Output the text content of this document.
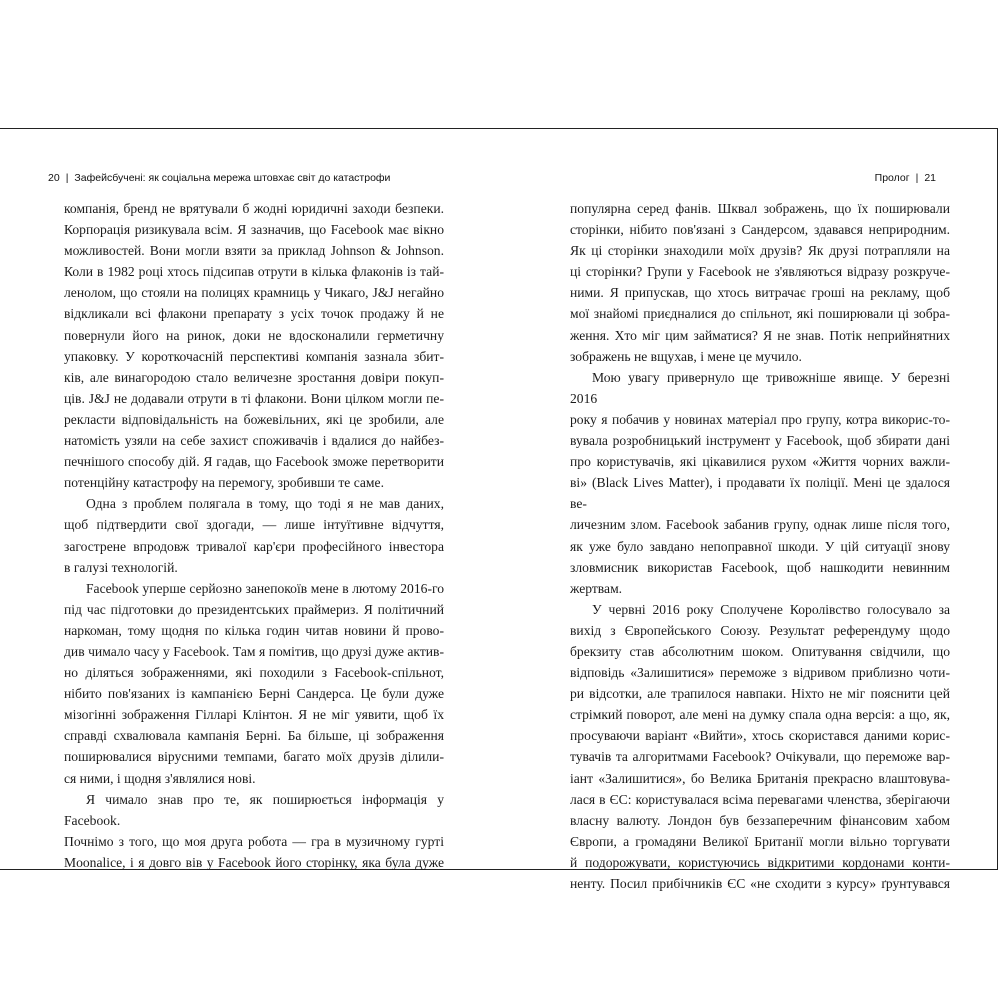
20 | Зафейсбучені: як соціальна мережа штовхає світ до катастрофи	Пролог | 21

компанія, бренд не врятували б жодні юридичні заходи безпеки.

Корпорація ризикувала всім. Я зазначив, що Facebook має вікно

можливостей. Вони могли взяти за приклад Johnson & Johnson.

Коли в 1982 році хтось підсипав отрути в кілька флаконів із тай-

ленолом, що стояли на полицях крамниць у Чикаго, J&J негайно

відкликали всі флакони препарату з усіх точок продажу й не

повернули його на ринок, доки не вдосконалили герметичну

упаковку. У короткочасній перспективі компанія зазнала збит-

ків, але винагородою стало величезне зростання довіри покуп-

ців. J&J не додавали отрути в ті флакони. Вони цілком могли пе-

рекласти відповідальність на божевільних, які це зробили, але

натомість узяли на себе захист споживачів і вдалися до найбез-

печнішого способу дій. Я гадав, що Facebook зможе перетворити

потенційну катастрофу на перемогу, зробивши те саме.

Одна з проблем полягала в тому, що тоді я не мав даних,

щоб підтвердити свої здогади, — лише інтуїтивне відчуття,

загострене впродовж тривалої кар'єри професійного інвестора

в галузі технологій.

Facebook уперше серйозно занепокоїв мене в лютому 2016-го

під час підготовки до президентських праймериз. Я політичний

наркоман, тому щодня по кілька годин читав новини й прово-

див чимало часу у Facebook. Там я помітив, що друзі дуже актив-

но діляться зображеннями, які походили з Facebook-спільнот,

нібито пов'язаних із кампанією Берні Сандерса. Це були дуже

мізогінні зображення Гілларі Клінтон. Я не міг уявити, щоб їх

справді схвалювала кампанія Берні. Ба більше, ці зображення

поширювалися вірусними темпами, багато моїх друзів ділили-

ся ними, і щодня з'являлися нові.

Я чимало знав про те, як поширюється інформація у Facebook.

Почнімо з того, що моя друга робота — гра в музичному гурті

Moonalice, і я довго вів у Facebook його сторінку, яка була дуже

популярна серед фанів. Шквал зображень, що їх поширювали

сторінки, нібито пов'язані з Сандерсом, здавався неприродним.

Як ці сторінки знаходили моїх друзів? Як друзі потрапляли на

ці сторінки? Групи у Facebook не з'являються відразу розкруче-

ними. Я припускав, що хтось витрачає гроші на рекламу, щоб

мої знайомі приєдналися до спільнот, які поширювали ці зобра-

ження. Хто міг цим займатися? Я не знав. Потік неприйнятних

зображень не вщухав, і мене це мучило.

Мою увагу привернуло ще тривожніше явище. У березні 2016

року я побачив у новинах матеріал про групу, котра викорис-то-

вувала розробницький інструмент у Facebook, щоб збирати дані

про користувачів, які цікавилися рухом «Життя чорних важли-

ві» (Black Lives Matter), і продавати їх поліції. Мені це здалося ве-

личезним злом. Facebook забанив групу, однак лише після того,

як уже було завдано непоправної шкоди. У цій ситуації знову

зловмисник використав Facebook, щоб нашкодити невинним

жертвам.

У червні 2016 року Сполучене Королівство голосувало за

вихід з Європейського Союзу. Результат референдуму щодо

брекзиту став абсолютним шоком. Опитування свідчили, що

відповідь «Залишитися» переможе з відривом приблизно чоти-

ри відсотки, але трапилося навпаки. Ніхто не міг пояснити цей

стрімкий поворот, але мені на думку спала одна версія: а що, як,

просуваючи варіант «Вийти», хтось скористався даними корис-

тувачів та алгоритмами Facebook? Очікували, що переможе вар-

іант «Залишитися», бо Велика Британія прекрасно влаштовува-

лася в ЄС: користувалася всіма перевагами членства, зберігаючи

власну валюту. Лондон був беззаперечним фінансовим хабом

Європи, а громадяни Великої Британії могли вільно торгувати

й подорожувати, користуючись відкритими кордонами конти-

ненту. Посил прибічників ЄС «не сходити з курсу» ґрунтувався
